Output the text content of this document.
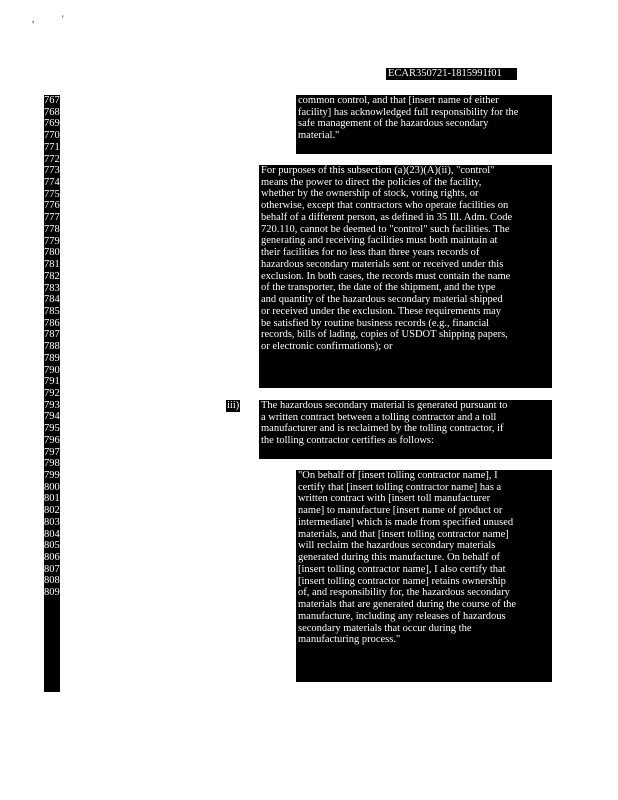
,	′
ECAR350721-1815991f01
767
768
769
770
771
772
773
774
775
776
777
778
779
780
781
782
783
784
785
786
787
788
789
790
791
792
793
794
795
796
797
798
799
800
801
802
803
804
805
806
807
808
809
common control, and that [insert name of either
facility] has acknowledged full responsibility for the
safe management of the hazardous secondary
material."
For purposes of this subsection (a)(23)(A)(ii), "control"
means the power to direct the policies of the facility,
whether by the ownership of stock, voting rights, or
otherwise, except that contractors who operate facilities on
behalf of a different person, as defined in 35 Ill. Adm. Code
720.110, cannot be deemed to "control" such facilities. The
generating and receiving facilities must both maintain at
their facilities for no less than three years records of
hazardous secondary materials sent or received under this
exclusion. In both cases, the records must contain the name
of the transporter, the date of the shipment, and the type
and quantity of the hazardous secondary material shipped
or received under the exclusion. These requirements may
be satisfied by routine business records (e.g., financial
records, bills of lading, copies of USDOT shipping papers,
or electronic confirmations); or
iii) The hazardous secondary material is generated pursuant to
a written contract between a tolling contractor and a toll
manufacturer and is reclaimed by the tolling contractor, if
the tolling contractor certifies as follows:
"On behalf of [insert tolling contractor name], I
certify that [insert tolling contractor name] has a
written contract with [insert toll manufacturer
name] to manufacture [insert name of product or
intermediate] which is made from specified unused
materials, and that [insert tolling contractor name]
will reclaim the hazardous secondary materials
generated during this manufacture. On behalf of
[insert tolling contractor name], I also certify that
[insert tolling contractor name] retains ownership
of, and responsibility for, the hazardous secondary
materials that are generated during the course of the
manufacture, including any releases of hazardous
secondary materials that occur during the
manufacturing process."
